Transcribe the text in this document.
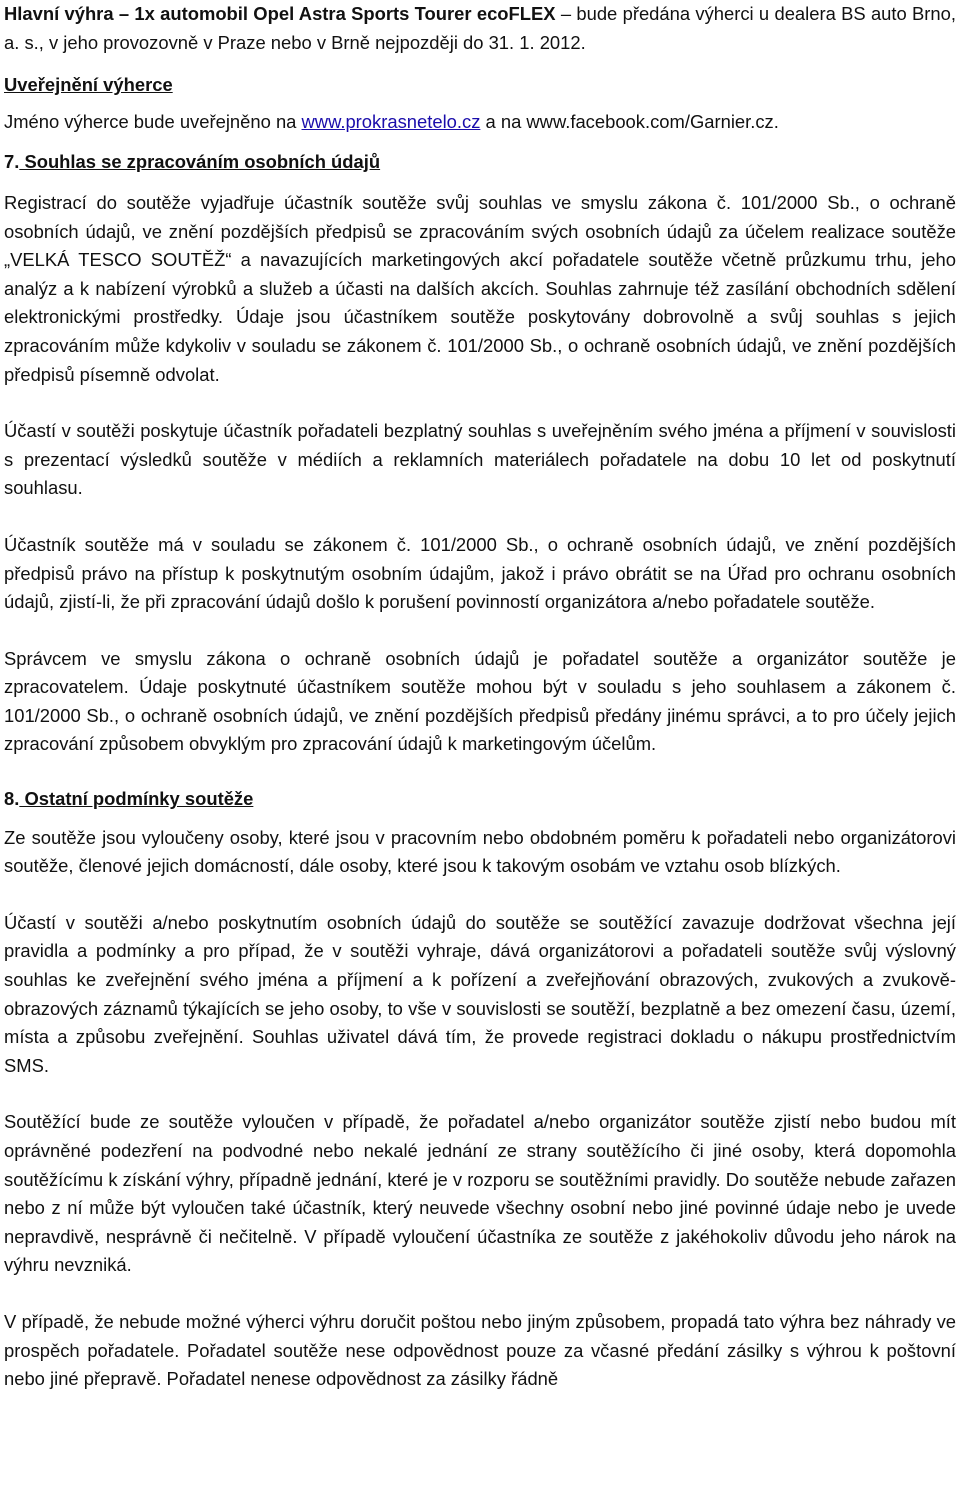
Hlavní výhra – 1x automobil Opel Astra Sports Tourer ecoFLEX – bude předána výherci u dealera BS auto Brno, a. s., v jeho provozovně v Praze nebo v Brně nejpozději do 31. 1. 2012.

Uveřejnění výherce

Jméno výherce bude uveřejněno na www.prokrasnetelo.cz a na www.facebook.com/Garnier.cz.

7. Souhlas se zpracováním osobních údajů

Registrací do soutěže vyjadřuje účastník soutěže svůj souhlas ve smyslu zákona č. 101/2000 Sb., o ochraně osobních údajů, ve znění pozdějších předpisů se zpracováním svých osobních údajů za účelem realizace soutěže „VELKÁ TESCO SOUTĚŽ“ a navazujících marketingových akcí pořadatele soutěže včetně průzkumu trhu, jeho analýz a k nabízení výrobků a služeb a účasti na dalších akcích. Souhlas zahrnuje též zasílání obchodních sdělení elektronickými prostředky. Údaje jsou účastníkem soutěže poskytovány dobrovolně a svůj souhlas s jejich zpracováním může kdykoliv v souladu se zákonem č. 101/2000 Sb., o ochraně osobních údajů, ve znění pozdějších předpisů písemně odvolat.

Účastí v soutěži poskytuje účastník pořadateli bezplatný souhlas s uveřejněním svého jména a příjmení v souvislosti s prezentací výsledků soutěže v médiích a reklamních materiálech pořadatele na dobu 10 let od poskytnutí souhlasu.

Účastník soutěže má v souladu se zákonem č. 101/2000 Sb., o ochraně osobních údajů, ve znění pozdějších předpisů právo na přístup k poskytnutým osobním údajům, jakož i právo obrátit se na Úřad pro ochranu osobních údajů, zjistí-li, že při zpracování údajů došlo k porušení povinností organizátora a/nebo pořadatele soutěže.

Správcem ve smyslu zákona o ochraně osobních údajů je pořadatel soutěže a organizátor soutěže je zpracovatelem. Údaje poskytnuté účastníkem soutěže mohou být v souladu s jeho souhlasem a zákonem č. 101/2000 Sb., o ochraně osobních údajů, ve znění pozdějších předpisů předány jinému správci, a to pro účely jejich zpracování způsobem obvyklým pro zpracování údajů k marketingovým účelům.

8. Ostatní podmínky soutěže

Ze soutěže jsou vyloučeny osoby, které jsou v pracovním nebo obdobném poměru k pořadateli nebo organizátorovi soutěže, členové jejich domácností, dále osoby, které jsou k takovým osobám ve vztahu osob blízkých.

Účastí v soutěži a/nebo poskytnutím osobních údajů do soutěže se soutěžící zavazuje dodržovat všechna její pravidla a podmínky a pro případ, že v soutěži vyhraje, dává organizátorovi a pořadateli soutěže svůj výslovný souhlas ke zveřejnění svého jména a příjmení a k pořízení a zveřejňování obrazových, zvukových a zvukově-obrazových záznamů týkajících se jeho osoby, to vše v souvislosti se soutěží, bezplatně a bez omezení času, území, místa a způsobu zveřejnění. Souhlas uživatel dává tím, že provede registraci dokladu o nákupu prostřednictvím SMS.

Soutěžící bude ze soutěže vyloučen v případě, že pořadatel a/nebo organizátor soutěže zjistí nebo budou mít oprávněné podezření na podvodné nebo nekalé jednání ze strany soutěžícího či jiné osoby, která dopomohla soutěžícímu k získání výhry, případně jednání, které je v rozporu se soutěžními pravidly. Do soutěže nebude zařazen nebo z ní může být vyloučen také účastník, který neuvede všechny osobní nebo jiné povinné údaje nebo je uvede nepravdivě, nesprávně či nečitelně. V případě vyloučení účastníka ze soutěže z jakéhokoliv důvodu jeho nárok na výhru nevzniká.

V případě, že nebude možné výherci výhru doručit poštou nebo jiným způsobem, propadá tato výhra bez náhrady ve prospěch pořadatele. Pořadatel soutěže nese odpovědnost pouze za včasné předání zásilky s výhrou k poštovní nebo jiné přepravě. Pořadatel nenese odpovědnost za zásilky řádně
